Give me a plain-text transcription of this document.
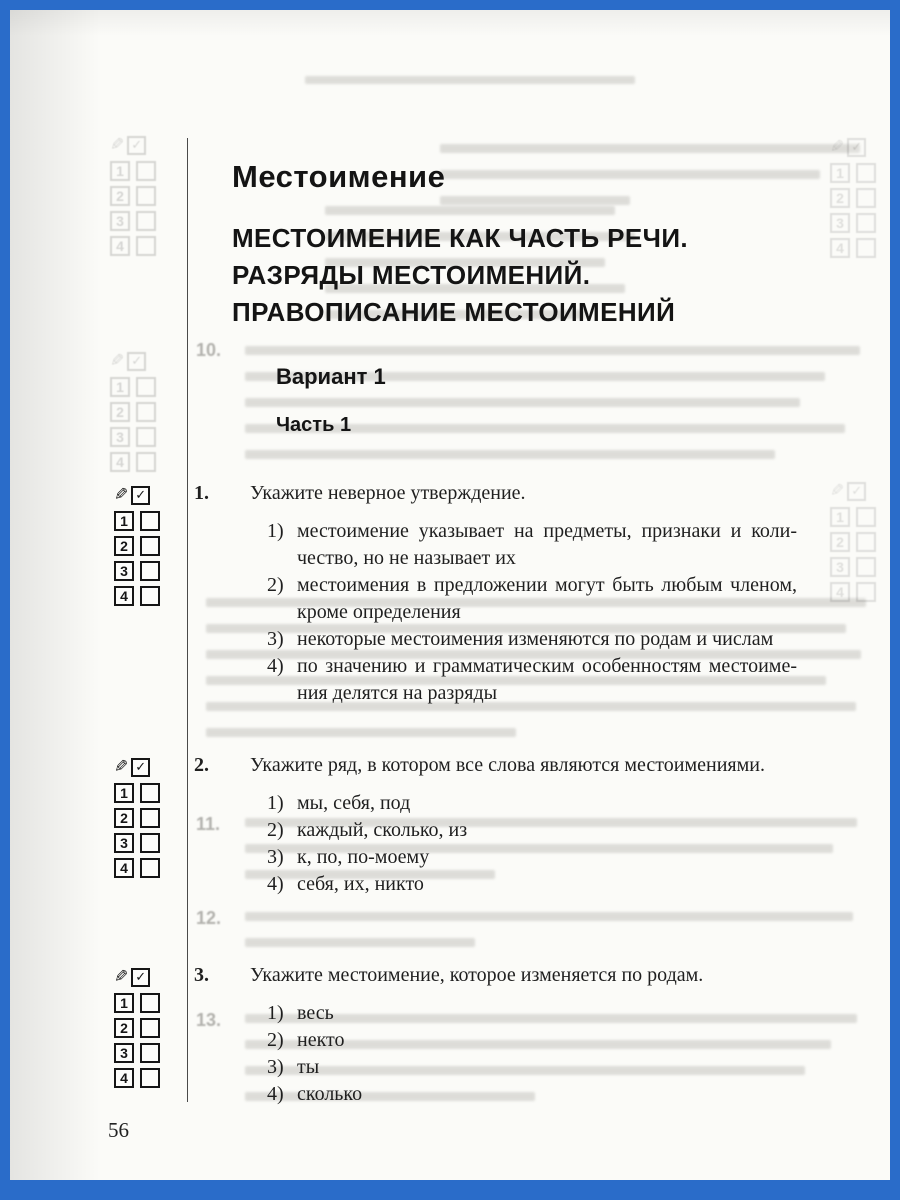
10.
11.
12.
13.
✎ ✓
1
2
3
4
✎ ✓
1
2
3
4
✎ ✓
1
2
3
4
✎ ✓
1
2
3
4
Местоимение
МЕСТОИМЕНИЕ КАК ЧАСТЬ РЕЧИ.
РАЗРЯДЫ МЕСТОИМЕНИЙ.
ПРАВОПИСАНИЕ МЕСТОИМЕНИЙ
Вариант 1
Часть 1
1.	Укажите неверное утверждение.
1) местоимение указывает на предметы, признаки и количество, но не называет их
2) местоимения в предложении могут быть любым членом, кроме определения
3) некоторые местоимения изменяются по родам и числам
4) по значению и грамматическим особенностям местоимения делятся на разряды
✎ ✓
1
2
3
4
2.	Укажите ряд, в котором все слова являются местоимениями.
1) мы, себя, под
2) каждый, сколько, из
3) к, по, по-моему
4) себя, их, никто
✎ ✓
1
2
3
4
3.	Укажите местоимение, которое изменяется по родам.
1) весь
2) некто
3) ты
4) сколько
✎ ✓
1
2
3
4
56
